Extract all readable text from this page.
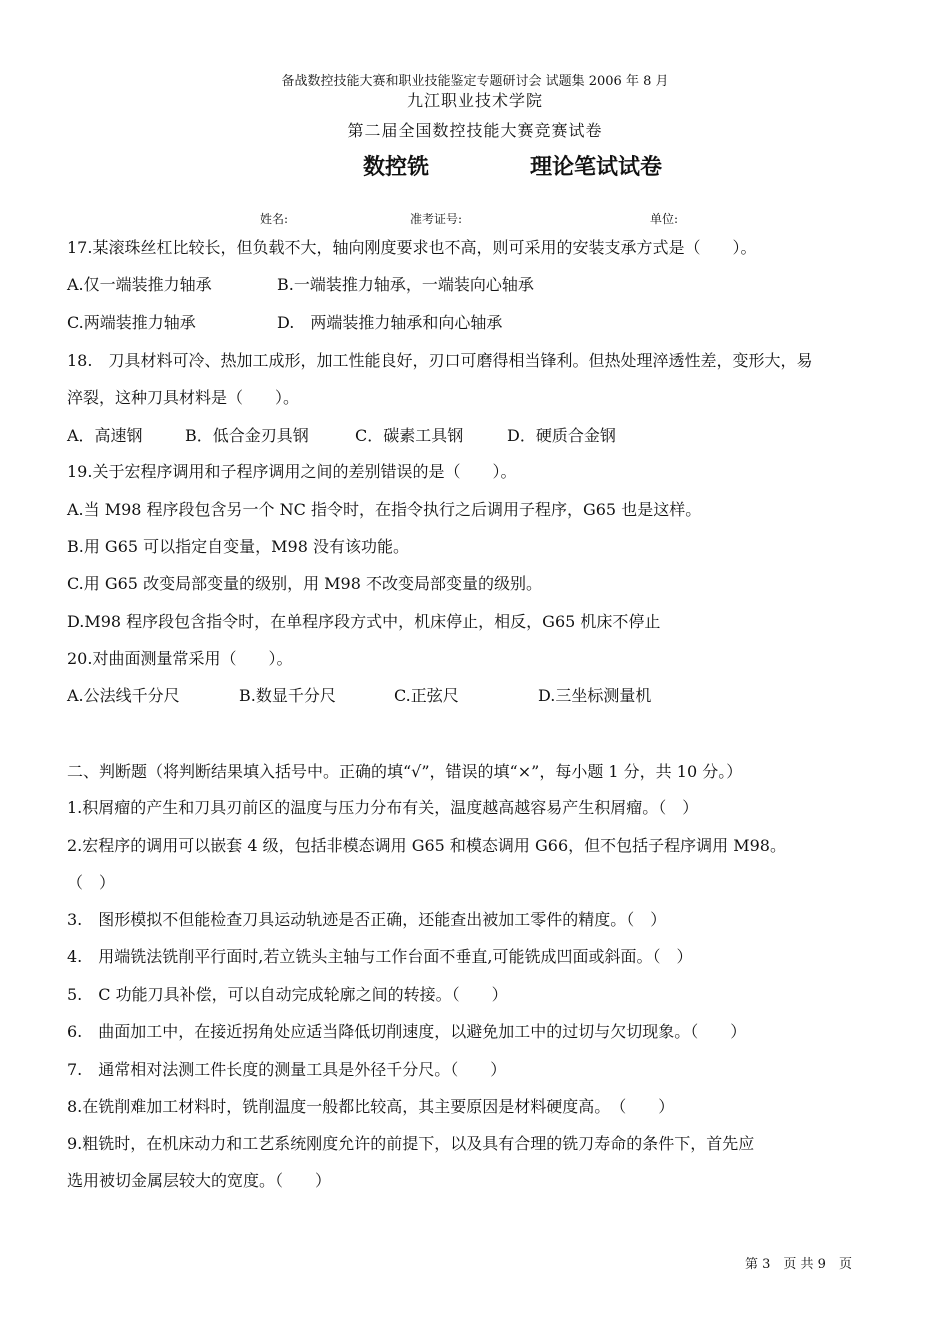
备战数控技能大赛和职业技能鉴定专题研讨会 试题集 2006 年 8 月
九江职业技术学院
第二届全国数控技能大赛竞赛试卷
数控铣	理论笔试试卷
姓名:	准考证号:	单位:
17.某滚珠丝杠比较长，但负载不大，轴向刚度要求也不高，则可采用的安装支承方式是（　　）。
A.仅一端装推力轴承	B.一端装推力轴承，一端装向心轴承
C.两端装推力轴承	D.　两端装推力轴承和向心轴承
18.　刀具材料可冷、热加工成形，加工性能良好，刃口可磨得相当锋利。但热处理淬透性差，变形大，易
淬裂，这种刀具材料是（　　）。
A．高速钢	B．低合金刃具钢	C．碳素工具钢	D．硬质合金钢
19.关于宏程序调用和子程序调用之间的差别错误的是（　　）。
A.当 M98 程序段包含另一个 NC 指令时，在指令执行之后调用子程序，G65 也是这样。
B.用 G65 可以指定自变量，M98 没有该功能。
C.用 G65 改变局部变量的级别，用 M98 不改变局部变量的级别。
D.M98 程序段包含指令时，在单程序段方式中，机床停止，相反，G65 机床不停止
20.对曲面测量常采用（　　）。
A.公法线千分尺	B.数显千分尺	C.正弦尺	D.三坐标测量机
二、判断题（将判断结果填入括号中。正确的填“√”，错误的填“×”，每小题 1 分，共 10 分。）
1.积屑瘤的产生和刀具刃前区的温度与压力分布有关，温度越高越容易产生积屑瘤。（　）
2.宏程序的调用可以嵌套 4 级，包括非模态调用 G65 和模态调用 G66，但不包括子程序调用 M98。
（　）
3.　图形模拟不但能检查刀具运动轨迹是否正确，还能查出被加工零件的精度。（　）
4.　用端铣法铣削平行面时,若立铣头主轴与工作台面不垂直,可能铣成凹面或斜面。（　）
5.　C 功能刀具补偿，可以自动完成轮廓之间的转接。（　　）
6.　曲面加工中，在接近拐角处应适当降低切削速度，以避免加工中的过切与欠切现象。（　　）
7.　通常相对法测工件长度的测量工具是外径千分尺。（　　）
8.在铣削难加工材料时，铣削温度一般都比较高，其主要原因是材料硬度高。　（　　）
9.粗铣时，在机床动力和工艺系统刚度允许的前提下，以及具有合理的铣刀寿命的条件下，首先应
选用被切金属层较大的宽度。（　　）
第 3　页 共 9　页
